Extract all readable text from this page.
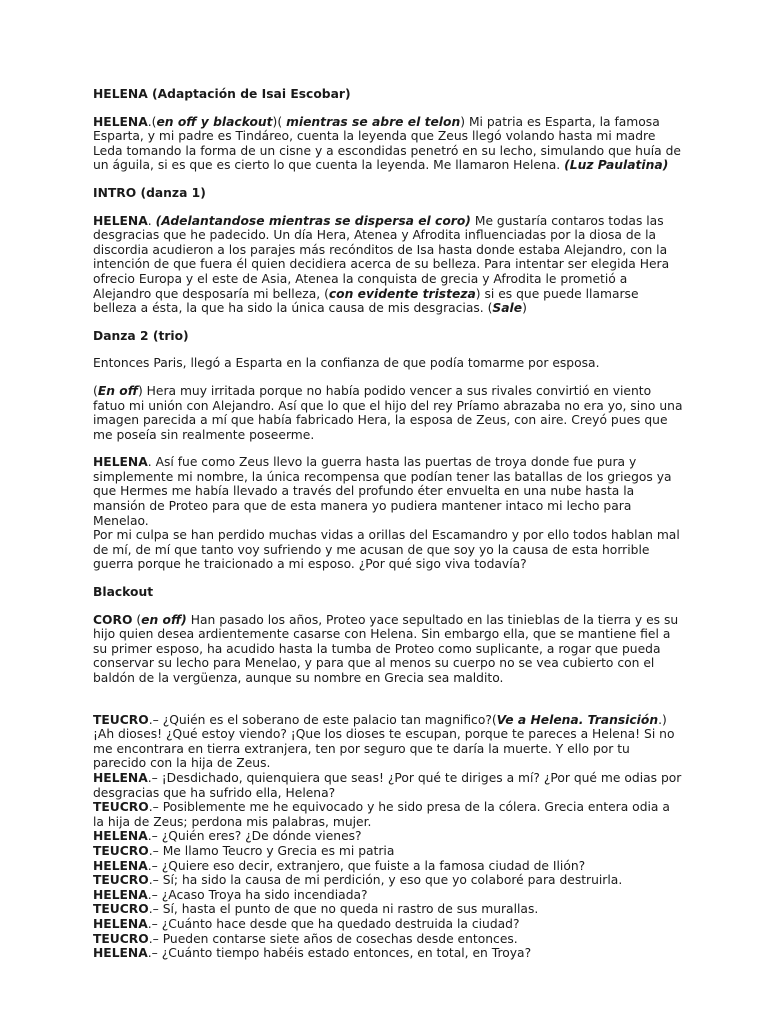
HELENA (Adaptación de Isai Escobar)

HELENA.(en off y blackout)( mientras se abre el telon) Mi patria es Esparta, la famosa Esparta, y mi padre es Tindáreo, cuenta la leyenda que Zeus llegó volando hasta mi madre Leda tomando la forma de un cisne y a escondidas penetró en su lecho, simulando que huía de un águila, si es que es cierto lo que cuenta la leyenda. Me llamaron Helena. (Luz Paulatina)

INTRO (danza 1)

HELENA. (Adelantandose mientras se dispersa el coro) Me gustaría contaros todas las desgracias que he padecido. Un día Hera, Atenea y Afrodita influenciadas por la diosa de la discordia acudieron a los parajes más recónditos de Isa hasta donde estaba Alejandro, con la intención de que fuera él quien decidiera acerca de su belleza. Para intentar ser elegida Hera ofrecio Europa y el este de Asia, Atenea la conquista de grecia y Afrodita le prometió a Alejandro que desposaría mi belleza, (con evidente tristeza) si es que puede llamarse belleza a ésta, la que ha sido la única causa de mis desgracias. (Sale)

Danza 2 (trio)

Entonces Paris, llegó a Esparta en la confianza de que podía tomarme por esposa.

(En off) Hera muy irritada porque no había podido vencer a sus rivales convirtió en viento fatuo mi unión con Alejandro. Así que lo que el hijo del rey Príamo abrazaba no era yo, sino una imagen parecida a mí que había fabricado Hera, la esposa de Zeus, con aire. Creyó pues que me poseía sin realmente poseerme.

HELENA. Así fue como Zeus llevo la guerra hasta las puertas de troya donde fue pura y simplemente mi nombre, la única recompensa que podían tener las batallas de los griegos ya que Hermes me había llevado a través del profundo éter envuelta en una nube hasta la mansión de Proteo para que de esta manera yo pudiera mantener intaco mi lecho para Menelao.
Por mi culpa se han perdido muchas vidas a orillas del Escamandro y por ello todos hablan mal de mí, de mí que tanto voy sufriendo y me acusan de que soy yo la causa de esta horrible guerra porque he traicionado a mi esposo. ¿Por qué sigo viva todavía?

Blackout

CORO (en off) Han pasado los años, Proteo yace sepultado en las tinieblas de la tierra y es su hijo quien desea ardientemente casarse con Helena. Sin embargo ella, que se mantiene fiel a su primer esposo, ha acudido hasta la tumba de Proteo como suplicante, a rogar que pueda conservar su lecho para Menelao, y para que al menos su cuerpo no se vea cubierto con el baldón de la vergüenza, aunque su nombre en Grecia sea maldito.

TEUCRO.– ¿Quién es el soberano de este palacio tan magnifico?(Ve a Helena. Transición.) ¡Ah dioses! ¿Qué estoy viendo? ¡Que los dioses te escupan, porque te pareces a Helena! Si no me encontrara en tierra extranjera, ten por seguro que te daría la muerte. Y ello por tu parecido con la hija de Zeus.
HELENA.– ¡Desdichado, quienquiera que seas! ¿Por qué te diriges a mí? ¿Por qué me odias por desgracias que ha sufrido ella, Helena?
TEUCRO.– Posiblemente me he equivocado y he sido presa de la cólera. Grecia entera odia a la hija de Zeus; perdona mis palabras, mujer.
HELENA.– ¿Quién eres? ¿De dónde vienes?
TEUCRO.– Me llamo Teucro y Grecia es mi patria
HELENA.– ¿Quiere eso decir, extranjero, que fuiste a la famosa ciudad de Ilión?
TEUCRO.– Sí; ha sido la causa de mi perdición, y eso que yo colaboré para destruirla.
HELENA.– ¿Acaso Troya ha sido incendiada?
TEUCRO.– Sí, hasta el punto de que no queda ni rastro de sus murallas.
HELENA.– ¿Cuánto hace desde que ha quedado destruida la ciudad?
TEUCRO.– Pueden contarse siete años de cosechas desde entonces.
HELENA.– ¿Cuánto tiempo habéis estado entonces, en total, en Troya?
